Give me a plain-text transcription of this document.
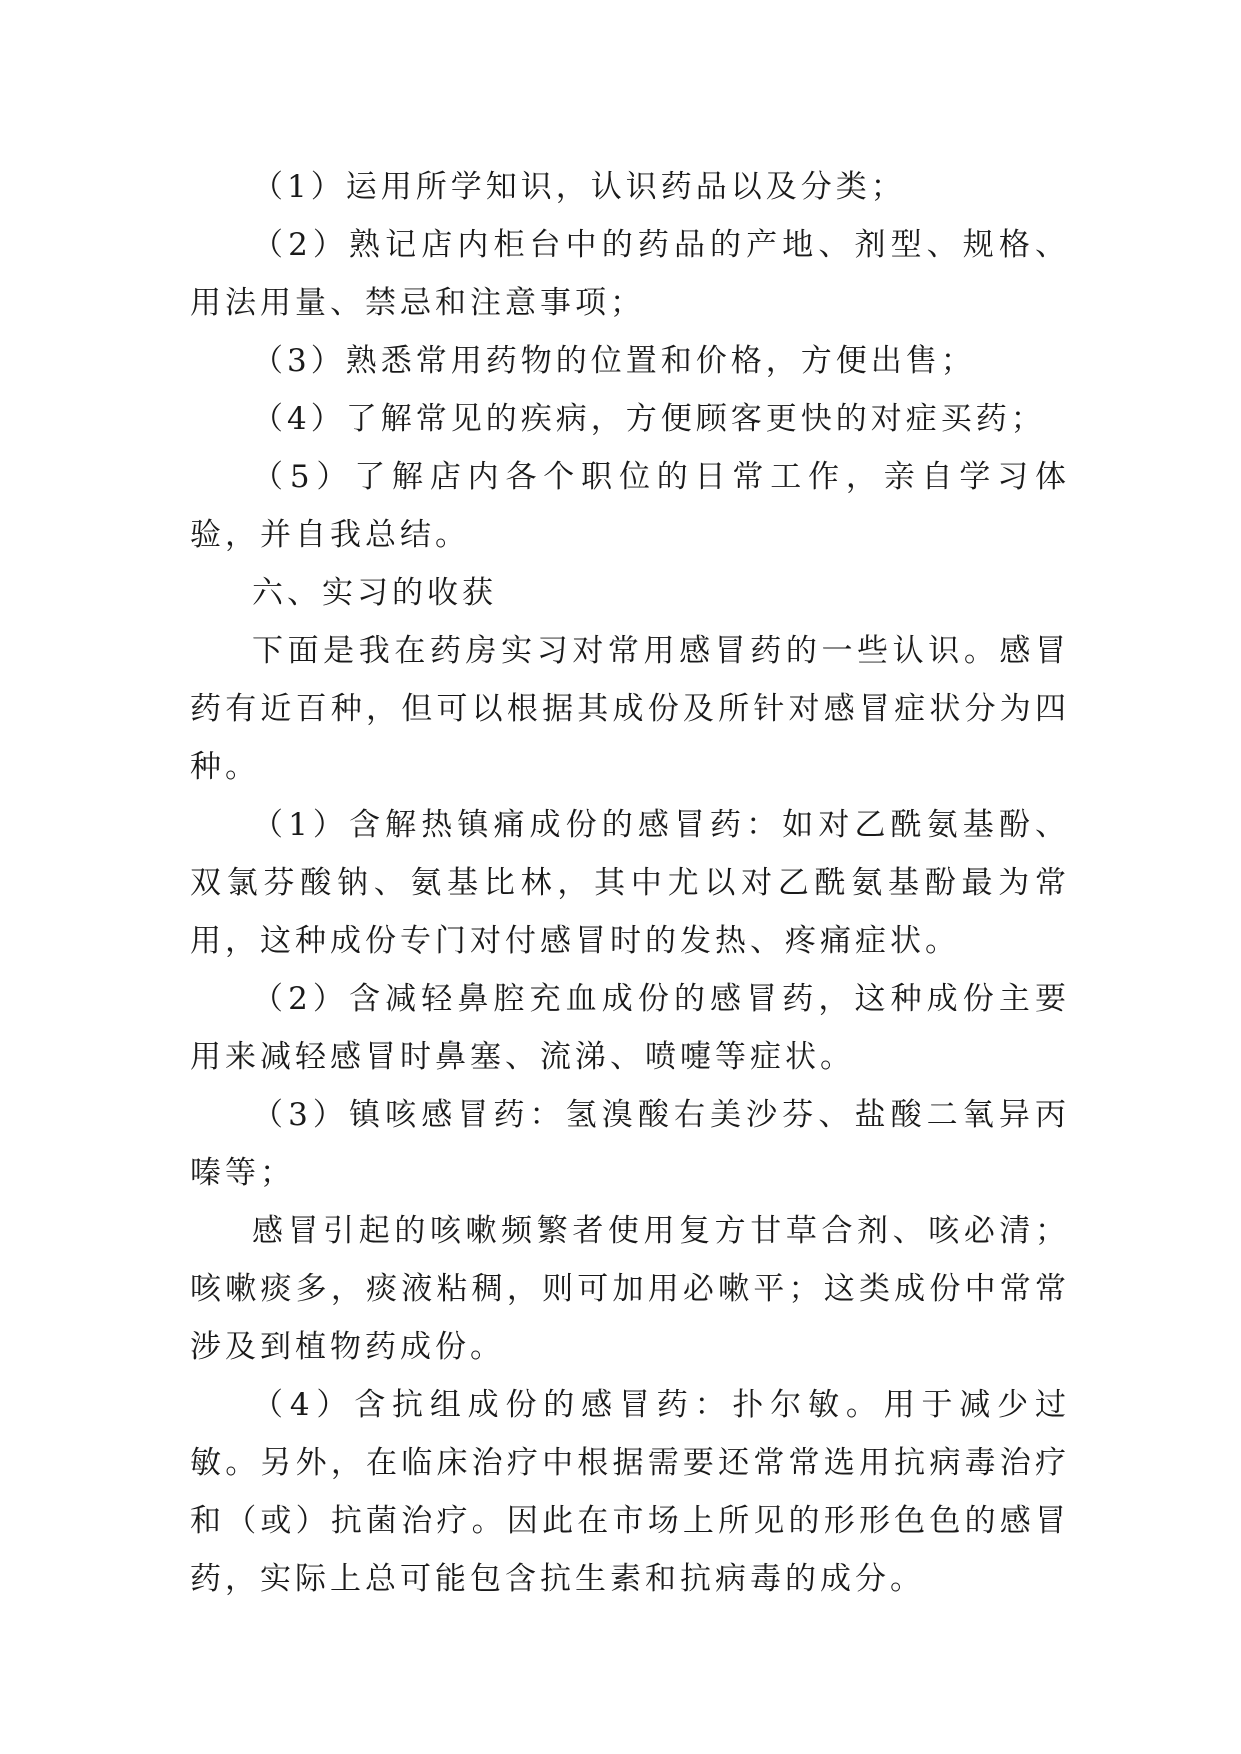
（1）运用所学知识，认识药品以及分类；

（2）熟记店内柜台中的药品的产地、剂型、规格、用法用量、禁忌和注意事项；

（3）熟悉常用药物的位置和价格，方便出售；

（4）了解常见的疾病，方便顾客更快的对症买药；

（5）了解店内各个职位的日常工作，亲自学习体验，并自我总结。

六、实习的收获

下面是我在药房实习对常用感冒药的一些认识。感冒药有近百种，但可以根据其成份及所针对感冒症状分为四种。

（1）含解热镇痛成份的感冒药：如对乙酰氨基酚、双氯芬酸钠、氨基比林，其中尤以对乙酰氨基酚最为常用，这种成份专门对付感冒时的发热、疼痛症状。

（2）含减轻鼻腔充血成份的感冒药，这种成份主要用来减轻感冒时鼻塞、流涕、喷嚏等症状。

（3）镇咳感冒药：氢溴酸右美沙芬、盐酸二氧异丙嗪等；

感冒引起的咳嗽频繁者使用复方甘草合剂、咳必清；咳嗽痰多，痰液粘稠，则可加用必嗽平；这类成份中常常涉及到植物药成份。

（4）含抗组成份的感冒药：扑尔敏。用于减少过敏。另外，在临床治疗中根据需要还常常选用抗病毒治疗和（或）抗菌治疗。因此在市场上所见的形形色色的感冒药，实际上总可能包含抗生素和抗病毒的成分。
